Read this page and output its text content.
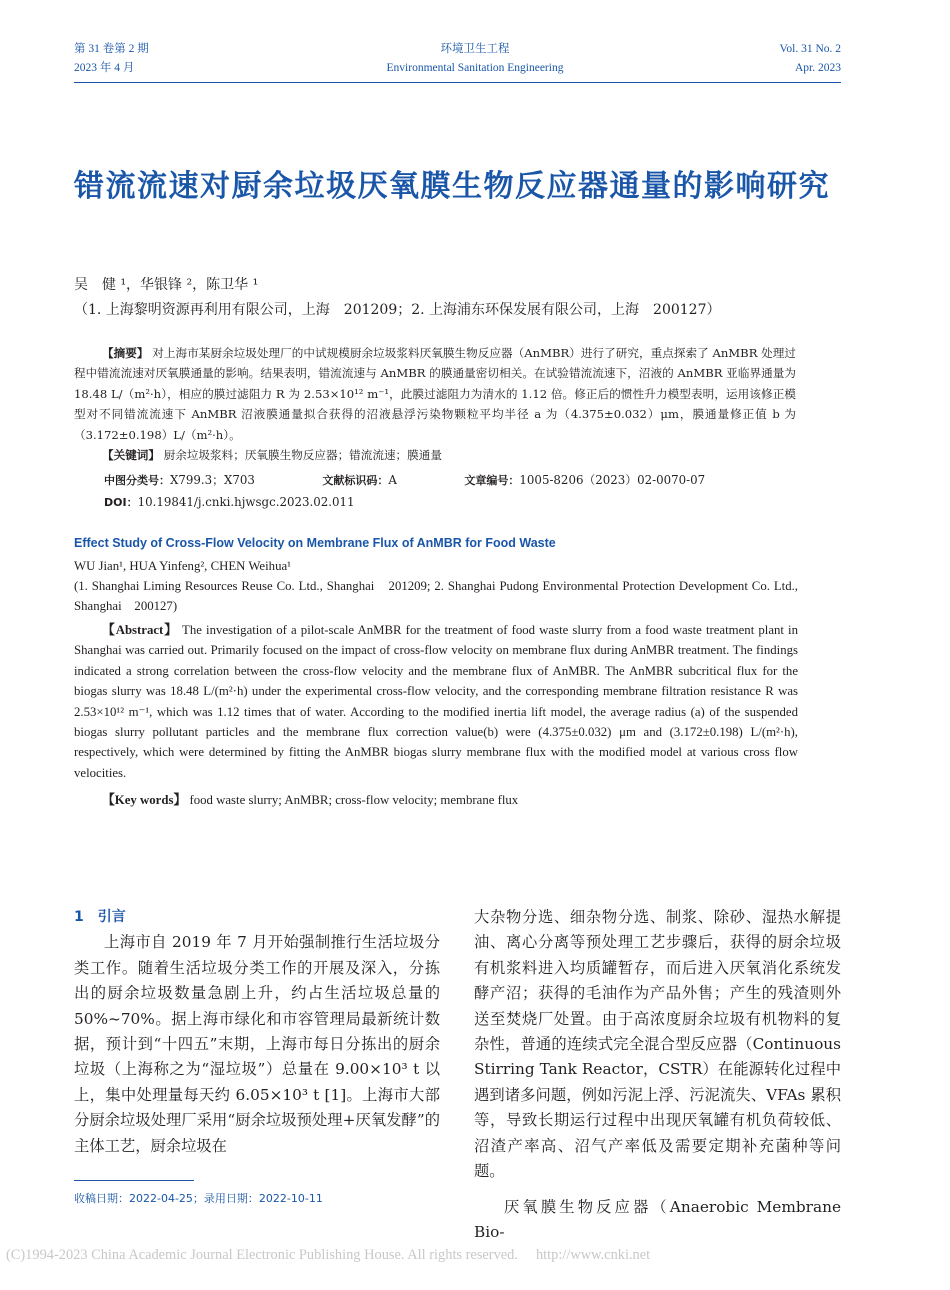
第 31 卷第 2 期
2023 年 4 月
环境卫生工程
Environmental Sanitation Engineering
Vol. 31 No. 2
Apr. 2023
错流流速对厨余垃圾厌氧膜生物反应器通量的影响研究
吴　健 ¹，华银锋 ²，陈卫华 ¹
（1. 上海黎明资源再利用有限公司，上海　201209；2. 上海浦东环保发展有限公司，上海　200127）

【摘要】 对上海市某厨余垃圾处理厂的中试规模厨余垃圾浆料厌氧膜生物反应器（AnMBR）进行了研究，重点探索了 AnMBR 处理过程中错流流速对厌氧膜通量的影响。结果表明，错流流速与 AnMBR 的膜通量密切相关。在试验错流流速下，沼液的 AnMBR 亚临界通量为 18.48 L/（m²·h），相应的膜过滤阻力 R 为 2.53×10¹² m⁻¹，此膜过滤阻力为清水的 1.12 倍。修正后的惯性升力模型表明，运用该修正模型对不同错流流速下 AnMBR 沼液膜通量拟合获得的沼液悬浮污染物颗粒平均半径 a 为（4.375±0.032）μm，膜通量修正值 b 为（3.172±0.198）L/（m²·h）。

【关键词】 厨余垃圾浆料；厌氧膜生物反应器；错流流速；膜通量

中图分类号：X799.3；X703	文献标识码：A	文章编号：1005-8206（2023）02-0070-07
DOI：10.19841/j.cnki.hjwsgc.2023.02.011
Effect Study of Cross-Flow Velocity on Membrane Flux of AnMBR for Food Waste
WU Jian¹, HUA Yinfeng², CHEN Weihua¹
(1. Shanghai Liming Resources Reuse Co. Ltd., Shanghai　201209; 2. Shanghai Pudong Environmental Protection Development Co. Ltd., Shanghai　200127)

【Abstract】 The investigation of a pilot-scale AnMBR for the treatment of food waste slurry from a food waste treatment plant in Shanghai was carried out. Primarily focused on the impact of cross-flow velocity on membrane flux during AnMBR treatment. The findings indicated a strong correlation between the cross-flow velocity and the membrane flux of AnMBR. The AnMBR subcritical flux for the biogas slurry was 18.48 L/(m²·h) under the experimental cross-flow velocity, and the corresponding membrane filtration resistance R was 2.53×10¹² m⁻¹, which was 1.12 times that of water. According to the modified inertia lift model, the average radius (a) of the suspended biogas slurry pollutant particles and the membrane flux correction value(b) were (4.375±0.032) μm and (3.172±0.198) L/(m²·h), respectively, which were determined by fitting the AnMBR biogas slurry membrane flux with the modified model at various cross flow velocities.

【Key words】 food waste slurry; AnMBR; cross-flow velocity; membrane flux
1　引言

上海市自 2019 年 7 月开始强制推行生活垃圾分类工作。随着生活垃圾分类工作的开展及深入，分拣出的厨余垃圾数量急剧上升，约占生活垃圾总量的 50%~70%。据上海市绿化和市容管理局最新统计数据，预计到“十四五”末期，上海市每日分拣出的厨余垃圾（上海称之为“湿垃圾”）总量在 9.00×10³ t 以上，集中处理量每天约 6.05×10³ t [1]。上海市大部分厨余垃圾处理厂采用“厨余垃圾预处理+厌氧发酵”的主体工艺，厨余垃圾在

大杂物分选、细杂物分选、制浆、除砂、湿热水解提油、离心分离等预处理工艺步骤后，获得的厨余垃圾有机浆料进入均质罐暂存，而后进入厌氧消化系统发酵产沼；获得的毛油作为产品外售；产生的残渣则外送至焚烧厂处置。由于高浓度厨余垃圾有机物料的复杂性，普通的连续式完全混合型反应器（Continuous Stirring Tank Reactor，CSTR）在能源转化过程中遇到诸多问题，例如污泥上浮、污泥流失、VFAs 累积等，导致长期运行过程中出现厌氧罐有机负荷较低、沼渣产率高、沼气产率低及需要定期补充菌种等问题。

厌氧膜生物反应器（Anaerobic Membrane Bio-

收稿日期：2022-04-25；录用日期：2022-10-11
(C)1994-2023 China Academic Journal Electronic Publishing House. All rights reserved.　 http://www.cnki.net
